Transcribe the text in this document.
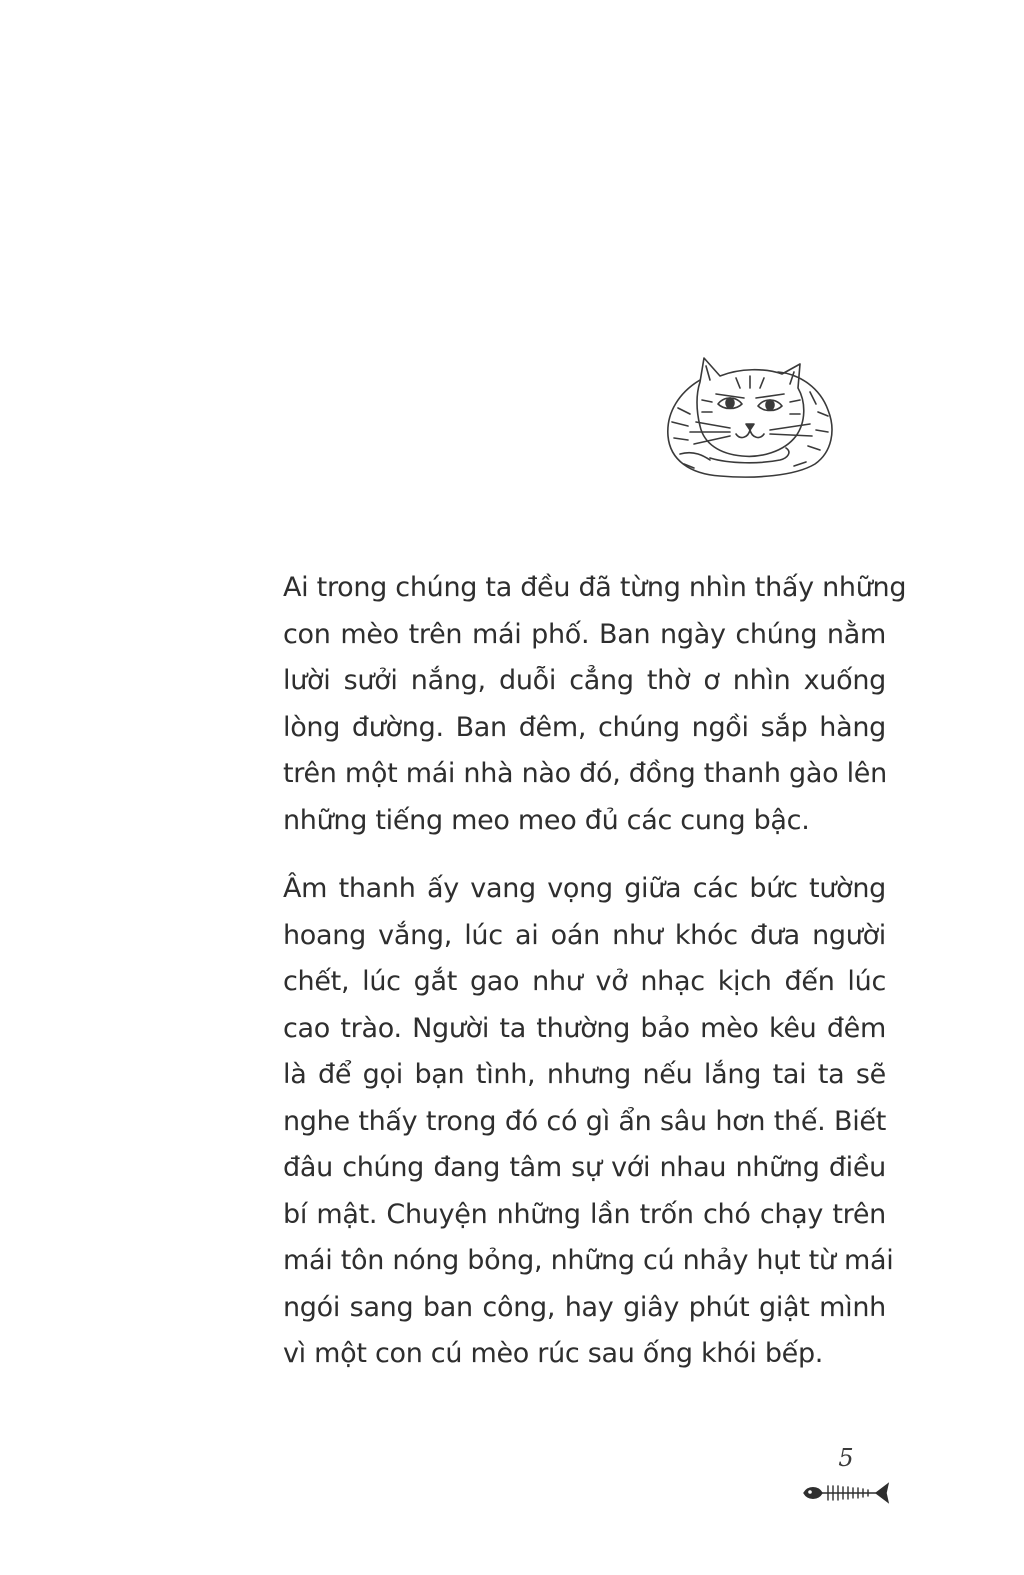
Ai trong chúng ta đều đã từng nhìn thấy những
con mèo trên mái phố. Ban ngày chúng nằm
lười sưởi nắng, duỗi cẳng thờ ơ nhìn xuống
lòng đường. Ban đêm, chúng ngồi sắp hàng
trên một mái nhà nào đó, đồng thanh gào lên
những tiếng meo meo đủ các cung bậc.

Âm thanh ấy vang vọng giữa các bức tường
hoang vắng, lúc ai oán như khóc đưa người
chết, lúc gắt gao như vở nhạc kịch đến lúc
cao trào. Người ta thường bảo mèo kêu đêm
là để gọi bạn tình, nhưng nếu lắng tai ta sẽ
nghe thấy trong đó có gì ẩn sâu hơn thế. Biết
đâu chúng đang tâm sự với nhau những điều
bí mật. Chuyện những lần trốn chó chạy trên
mái tôn nóng bỏng, những cú nhảy hụt từ mái
ngói sang ban công, hay giây phút giật mình
vì một con cú mèo rúc sau ống khói bếp.

5
